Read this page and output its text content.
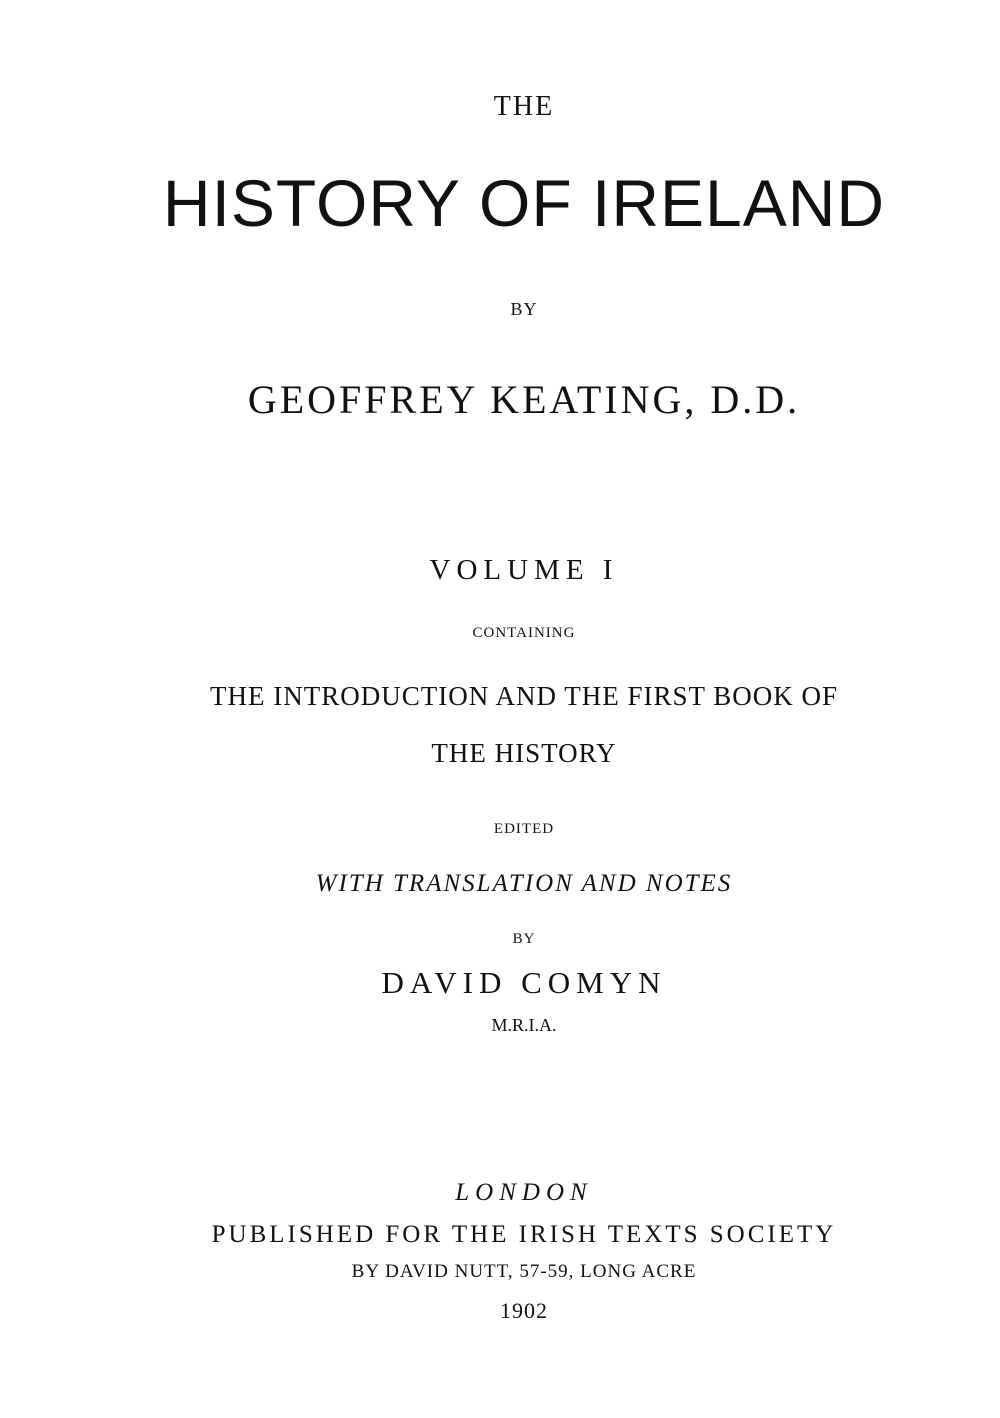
THE
HISTORY OF IRELAND
BY
GEOFFREY KEATING, D.D.
VOLUME I
CONTAINING
THE INTRODUCTION AND THE FIRST BOOK OF
THE HISTORY
EDITED
WITH TRANSLATION AND NOTES
BY
DAVID COMYN
M.R.I.A.
LONDON
PUBLISHED FOR THE IRISH TEXTS SOCIETY
BY DAVID NUTT, 57-59, LONG ACRE
1902
